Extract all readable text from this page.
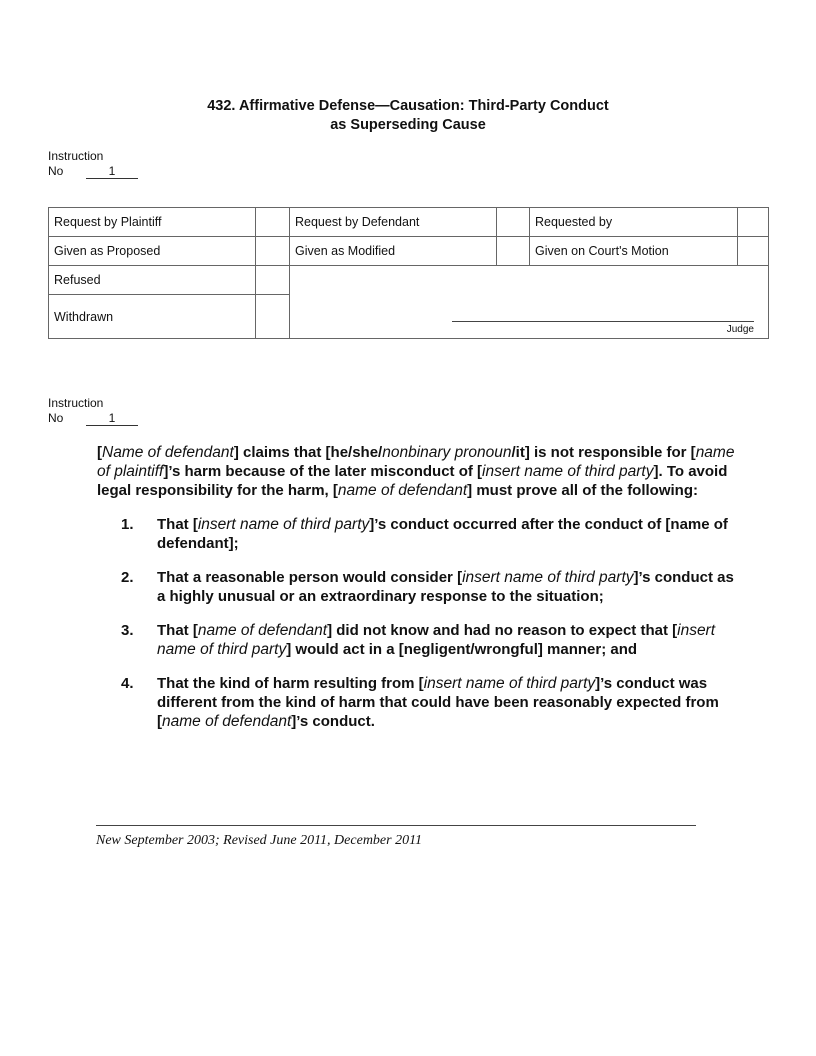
432. Affirmative Defense—Causation: Third-Party Conduct
as Superseding Cause
Instruction
No	1
Request by Plaintiff		Request by Defendant		Requested by	
Given as Proposed		Given as Modified		Given on Court's Motion	
Refused		Judge			

Withdrawn					
Instruction
No	1
[Name of defendant] claims that [he/she/nonbinary pronoun/it] is not responsible for [name of plaintiff]’s harm because of the later misconduct of [insert name of third party]. To avoid legal responsibility for the harm, [name of defendant] must prove all of the following:
1. That [insert name of third party]’s conduct occurred after the conduct of [name of defendant];
2. That a reasonable person would consider [insert name of third party]’s conduct as a highly unusual or an extraordinary response to the situation;
3. That [name of defendant] did not know and had no reason to expect that [insert name of third party] would act in a [negligent/wrongful] manner; and
4. That the kind of harm resulting from [insert name of third party]’s conduct was different from the kind of harm that could have been reasonably expected from [name of defendant]’s conduct.
New September 2003; Revised June 2011, December 2011
